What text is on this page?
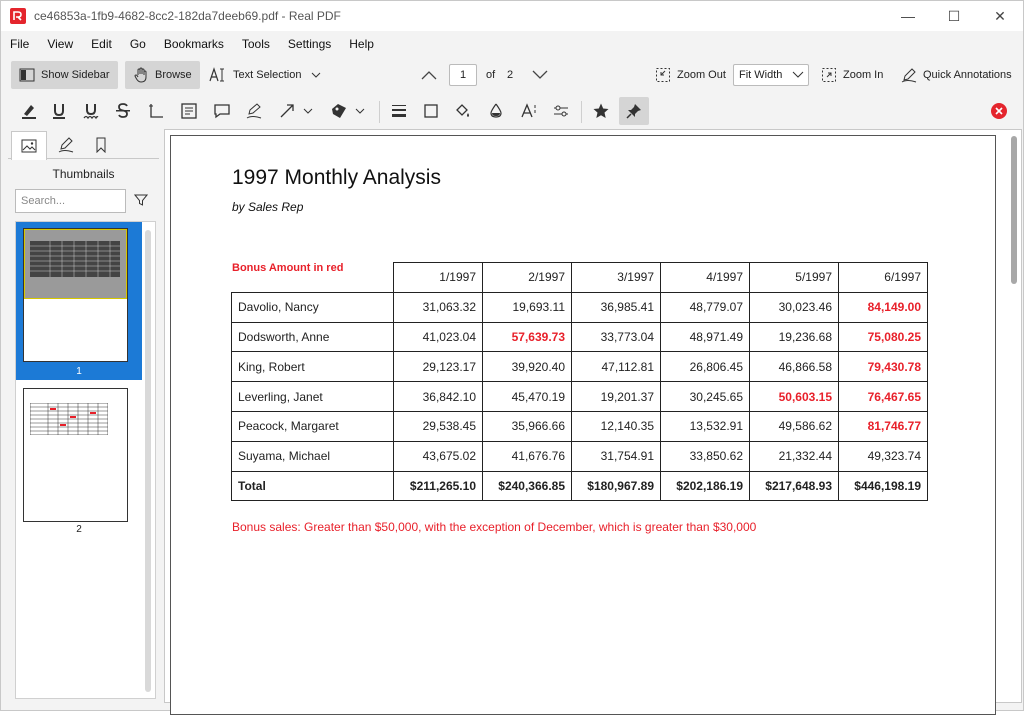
ce46853a-1fb9-4682-8cc2-182da7deeb69.pdf - Real PDF	—	☐	✕
File	View	Edit	Go	Bookmarks	Tools	Settings	Help
Show Sidebar	Browse	Text Selection	1	of 2	Zoom Out	Fit Width	Zoom In	Quick Annotations
Thumbnails
Search...
1
2
1997 Monthly Analysis
by Sales Rep
Bonus Amount in red
	1/1997	2/1997	3/1997	4/1997	5/1997	6/1997
Davolio, Nancy	31,063.32	19,693.11	36,985.41	48,779.07	30,023.46	84,149.00
Dodsworth, Anne	41,023.04	57,639.73	33,773.04	48,971.49	19,236.68	75,080.25
King, Robert	29,123.17	39,920.40	47,112.81	26,806.45	46,866.58	79,430.78
Leverling, Janet	36,842.10	45,470.19	19,201.37	30,245.65	50,603.15	76,467.65
Peacock, Margaret	29,538.45	35,966.66	12,140.35	13,532.91	49,586.62	81,746.77
Suyama, Michael	43,675.02	41,676.76	31,754.91	33,850.62	21,332.44	49,323.74
Total	$211,265.10	$240,366.85	$180,967.89	$202,186.19	$217,648.93	$446,198.19
Bonus sales: Greater than $50,000, with the exception of December, which is greater than $30,000
